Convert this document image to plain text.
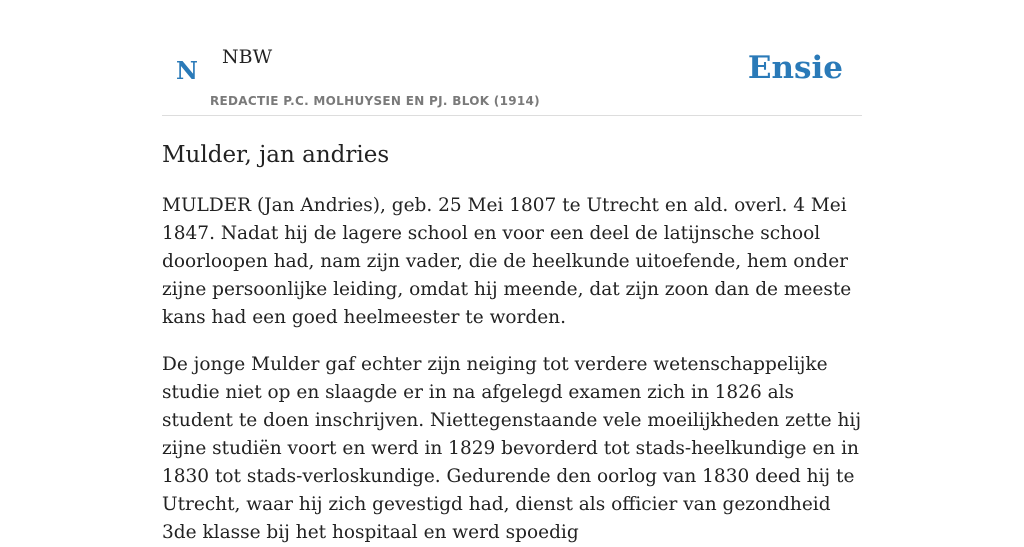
N NBW
REDACTIE P.C. MOLHUYSEN EN PJ. BLOK (1914)
Ensie
Mulder, jan andries

MULDER (Jan Andries), geb. 25 Mei 1807 te Utrecht en ald. overl. 4 Mei 1847. Nadat hij de lagere school en voor een deel de latijnsche school doorloopen had, nam zijn vader, die de heelkunde uitoefende, hem onder zijne persoonlijke leiding, omdat hij meende, dat zijn zoon dan de meeste kans had een goed heelmeester te worden.

De jonge Mulder gaf echter zijn neiging tot verdere wetenschappelijke studie niet op en slaagde er in na afgelegd examen zich in 1826 als student te doen inschrijven. Niettegenstaande vele moeilijkheden zette hij zijne studiën voort en werd in 1829 bevorderd tot stads-heelkundige en in 1830 tot stads-verloskundige. Gedurende den oorlog van 1830 deed hij te Utrecht, waar hij zich gevestigd had, dienst als officier van gezondheid 3de klasse bij het hospitaal en werd spoedig
